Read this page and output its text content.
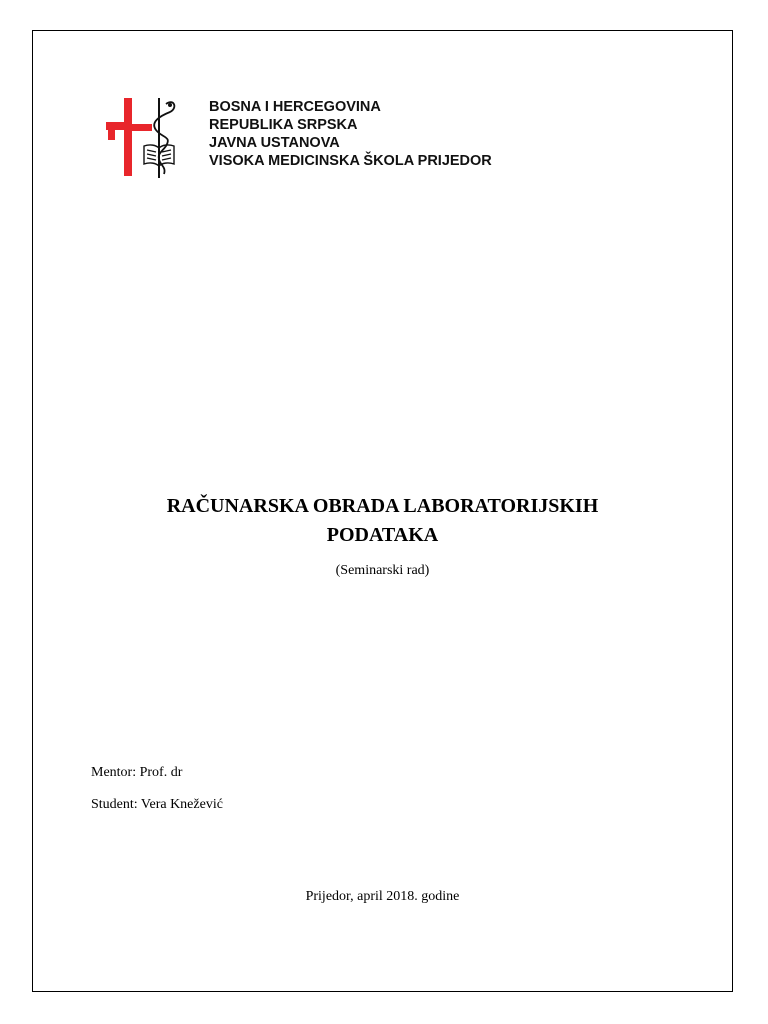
BOSNA I HERCEGOVINA
REPUBLIKA SRPSKA
JAVNA USTANOVA
VISOKA MEDICINSKA ŠKOLA PRIJEDOR
RAČUNARSKA OBRADA LABORATORIJSKIH
PODATAKA
(Seminarski rad)
Mentor: Prof. dr
Student: Vera Knežević
Prijedor, april 2018. godine
